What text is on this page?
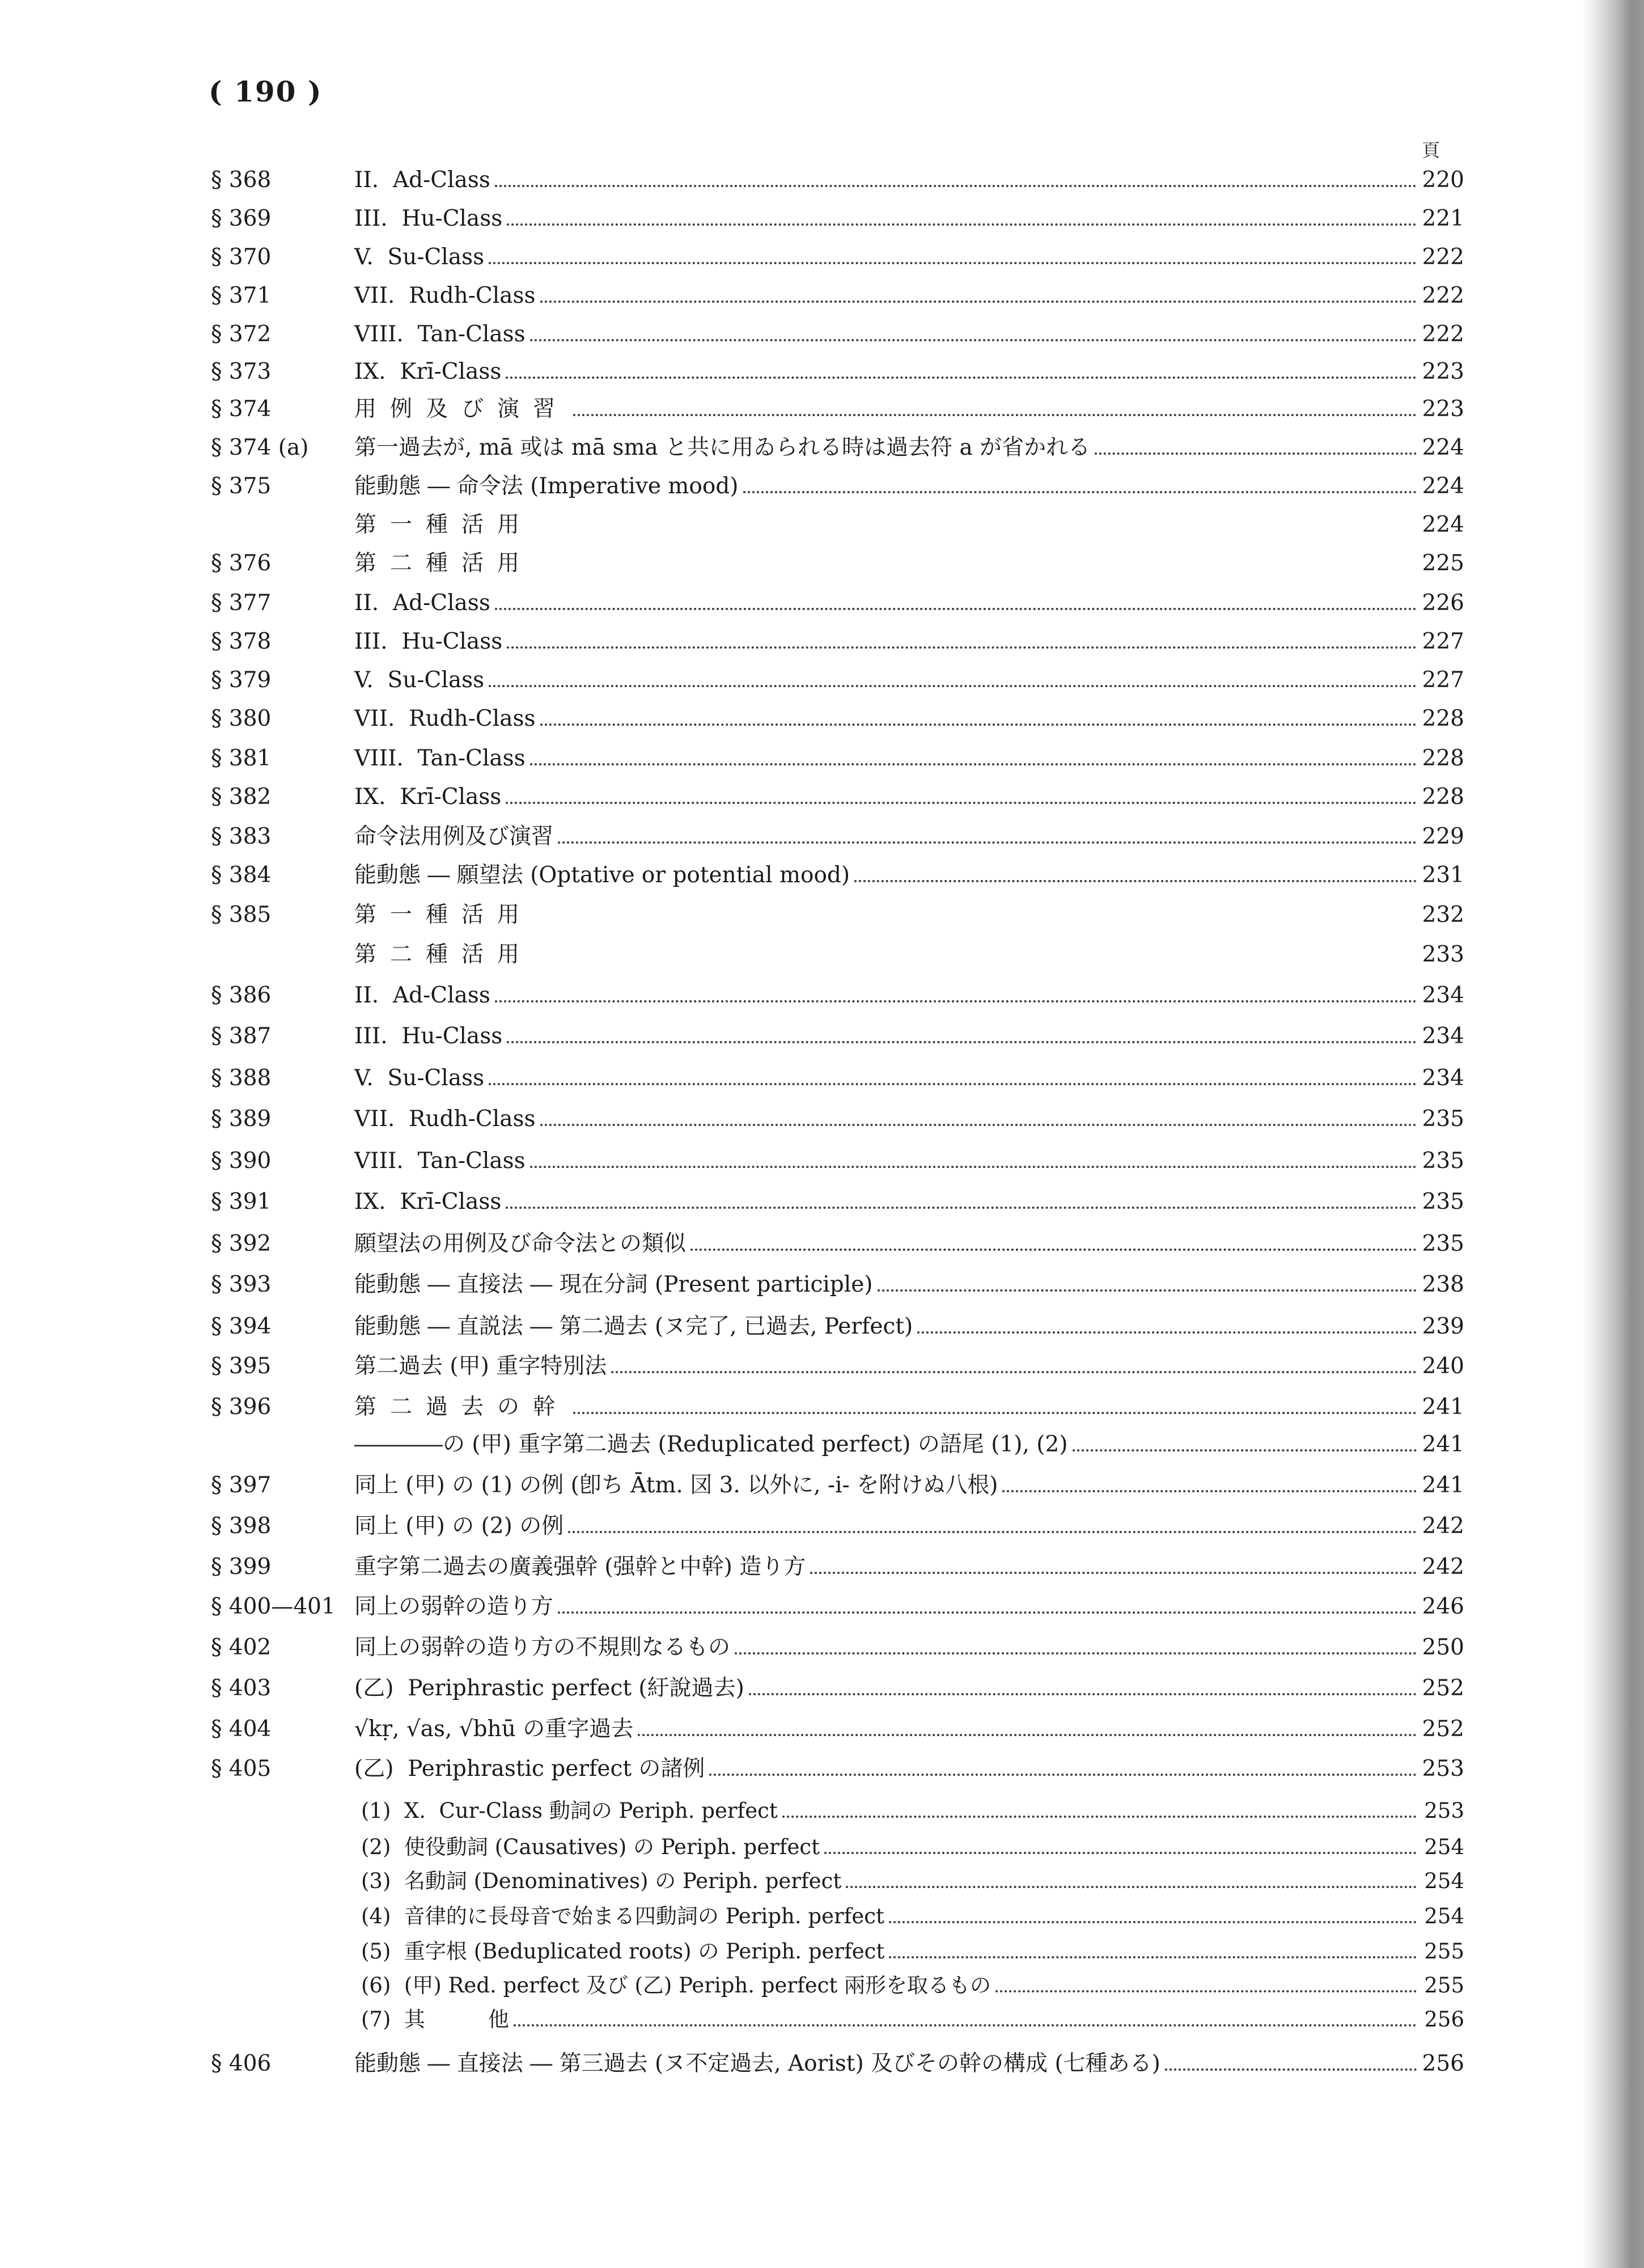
( 190 )
頁
§ 368	II.  Ad-Class	220
§ 369	III.  Hu-Class	221
§ 370	V.  Su-Class	222
§ 371	VII.  Rudh-Class	222
§ 372	VIII.  Tan-Class	222
§ 373	IX.  Krī-Class	223
§ 374	用例及び演習	223
§ 374 (a) 第一過去が, mā 或は mā sma と共に用ゐられる時は過去符 a が省かれる	224
§ 375	能動態 ― 命令法 (Imperative mood)	224
第一種活用	224
§ 376	第二種活用	225
§ 377	II.  Ad-Class	226
§ 378	III.  Hu-Class	227
§ 379	V.  Su-Class	227
§ 380	VII.  Rudh-Class	228
§ 381	VIII.  Tan-Class	228
§ 382	IX.  Krī-Class	228
§ 383	命令法用例及び演習	229
§ 384	能動態 ― 願望法 (Optative or potential mood)	231
§ 385	第一種活用	232
第二種活用	233
§ 386	II.  Ad-Class	234
§ 387	III.  Hu-Class	234
§ 388	V.  Su-Class	234
§ 389	VII.  Rudh-Class	235
§ 390	VIII.  Tan-Class	235
§ 391	IX.  Krī-Class	235
§ 392	願望法の用例及び命令法との類似	235
§ 393	能動態 ― 直接法 ― 現在分詞 (Present participle)	238
§ 394	能動態 ― 直説法 ― 第二過去 (ヌ完了, 已過去, Perfect)	239
§ 395	第二過去 (甲) 重字特別法	240
§ 396	第二過去の幹	241
――――の (甲) 重字第二過去 (Reduplicated perfect) の語尾 (1), (2)	241
§ 397	同上 (甲) の (1) の例 (卽ち Ātm. 㘝 3. 以外に, -i- を附けぬ八根)	241
§ 398	同上 (甲) の (2) の例	242
§ 399	重字第二過去の廣義强幹 (强幹と中幹) 造り方	242
§ 400—401 同上の弱幹の造り方	246
§ 402	同上の弱幹の造り方の不規則なるもの	250
§ 403	(乙)  Periphrastic perfect (紆說過去)	252
§ 404	√kṛ, √as, √bhū の重字過去	252
§ 405	(乙)  Periphrastic perfect の諸例	253
(1)  X.  Cur-Class 動詞の Periph. perfect	253
(2)  使役動詞 (Causatives) の Periph. perfect	254
(3)  名動詞 (Denominatives) の Periph. perfect	254
(4)  音律的に長母音で始まる四動詞の Periph. perfect	254
(5)  重字根 (Beduplicated roots) の Periph. perfect	255
(6)  (甲) Red. perfect 及び (乙) Periph. perfect 兩形を取るもの	255
(7)  其　　　他	256
§ 406	能動態 ― 直接法 ― 第三過去 (ヌ不定過去, Aorist) 及びその幹の構成 (七種ある)	256
